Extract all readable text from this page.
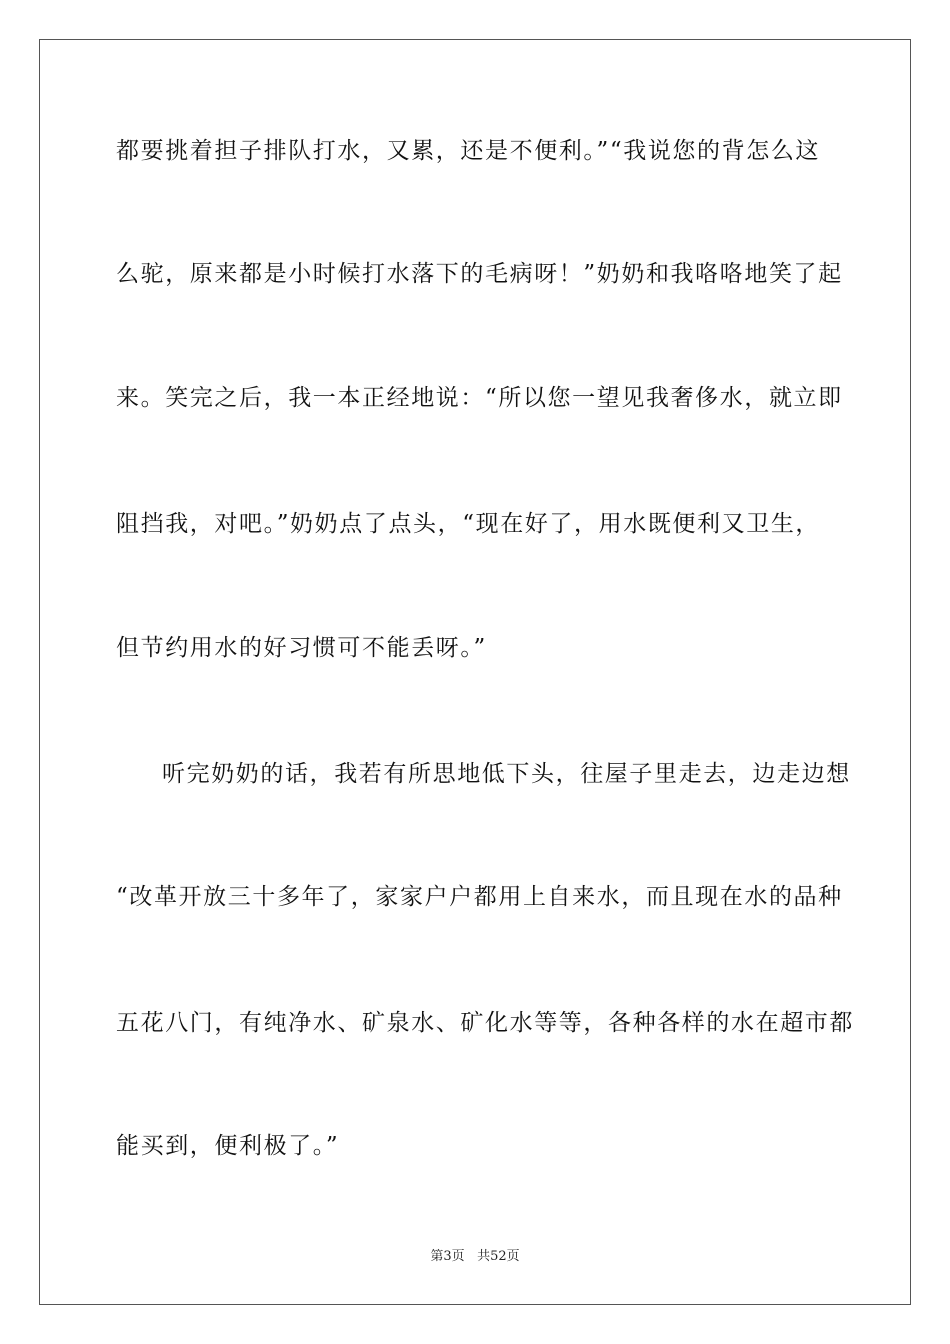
都要挑着担子排队打水，又累，还是不便利。”“我说您的背怎么这
么驼，原来都是小时候打水落下的毛病呀！”奶奶和我咯咯地笑了起
来。笑完之后，我一本正经地说：“所以您一望见我奢侈水，就立即
阻挡我，对吧。”奶奶点了点头，“现在好了，用水既便利又卫生，
但节约用水的好习惯可不能丢呀。”
听完奶奶的话，我若有所思地低下头，往屋子里走去，边走边想
“改革开放三十多年了，家家户户都用上自来水，而且现在水的品种
五花八门，有纯净水、矿泉水、矿化水等等，各种各样的水在超市都
能买到，便利极了。”
第3页 共52页
